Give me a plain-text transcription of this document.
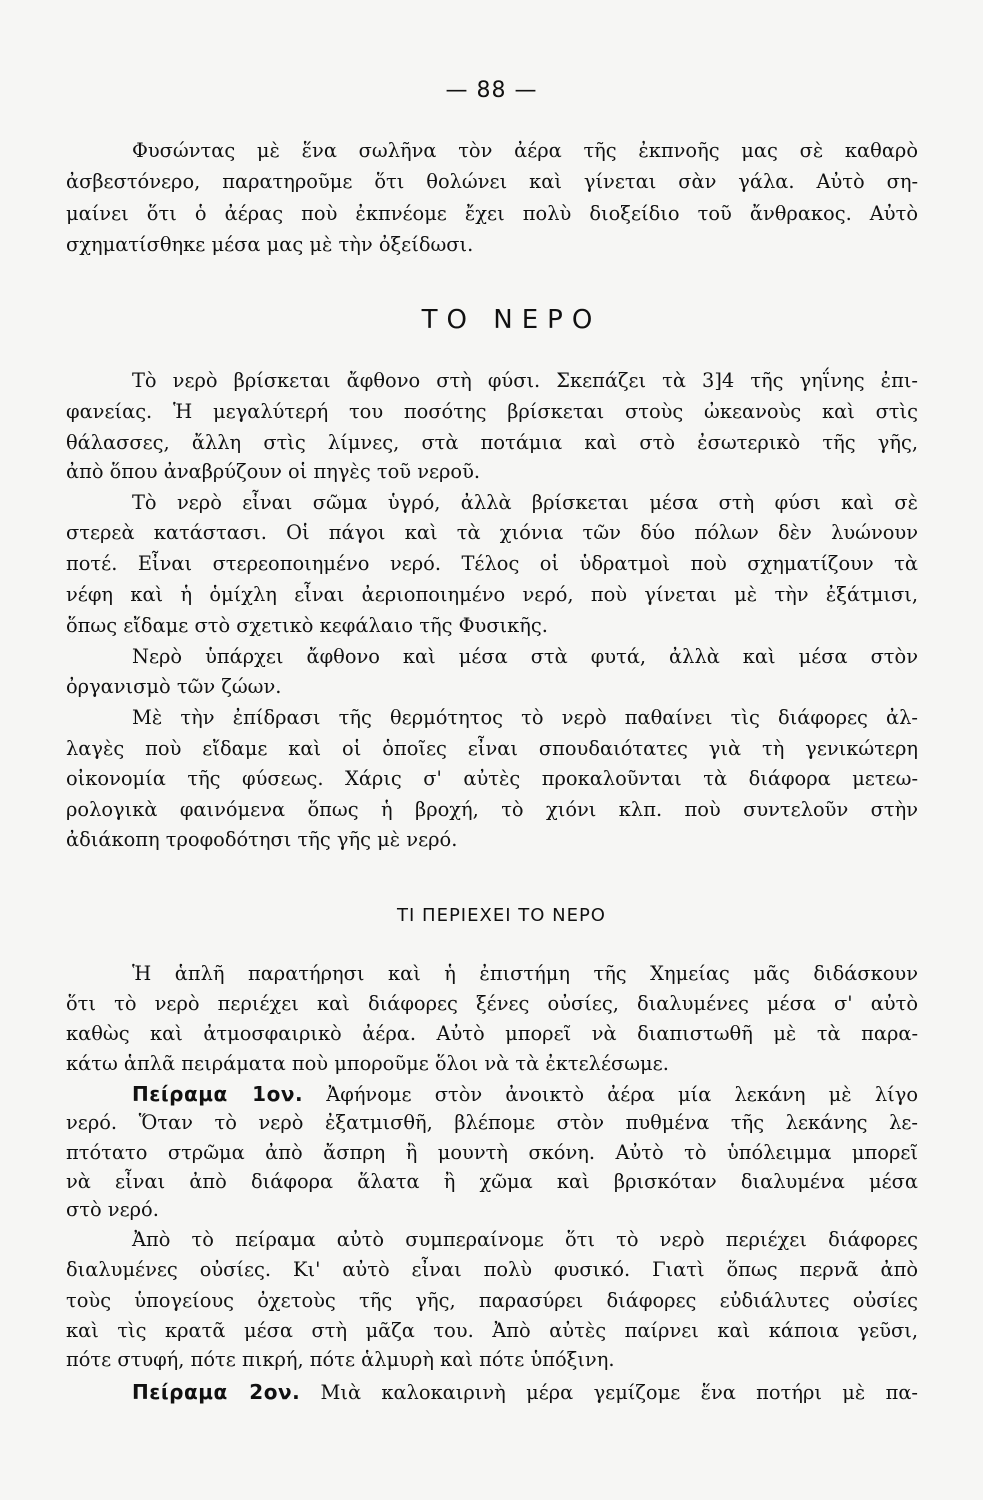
— 88 —
Φυσώντας μὲ ἕνα σωλῆνα τὸν ἀέρα τῆς ἐκπνοῆς μας σὲ καθαρὸ
ἀσβεστόνερο, παρατηροῦμε ὅτι θολώνει καὶ γίνεται σὰν γάλα. Αὐτὸ ση-
μαίνει ὅτι ὁ ἀέρας ποὺ ἐκπνέομε ἔχει πολὺ διοξείδιο τοῦ ἄνθρακος. Αὐτὸ
σχηματίσθηκε μέσα μας μὲ τὴν ὀξείδωσι.
ΤΟ ΝΕΡΟ
Τὸ νερὸ βρίσκεται ἄφθονο στὴ φύσι. Σκεπάζει τὰ 3]4 τῆς γηΐνης ἐπι-
φανείας. Ἡ μεγαλύτερή του ποσότης βρίσκεται στοὺς ὠκεανοὺς καὶ στὶς
θάλασσες, ἄλλη στὶς λίμνες, στὰ ποτάμια καὶ στὸ ἐσωτερικὸ τῆς γῆς,
ἀπὸ ὅπου ἀναβρύζουν οἱ πηγὲς τοῦ νεροῦ.
Τὸ νερὸ εἶναι σῶμα ὑγρό, ἀλλὰ βρίσκεται μέσα στὴ φύσι καὶ σὲ
στερεὰ κατάστασι. Οἱ πάγοι καὶ τὰ χιόνια τῶν δύο πόλων δὲν λυώνουν
ποτέ. Εἶναι στερεοποιημένο νερό. Τέλος οἱ ὑδρατμοὶ ποὺ σχηματίζουν τὰ
νέφη καὶ ἡ ὁμίχλη εἶναι ἀεριοποιημένο νερό, ποὺ γίνεται μὲ τὴν ἐξάτμισι,
ὅπως εἴδαμε στὸ σχετικὸ κεφάλαιο τῆς Φυσικῆς.
Νερὸ ὑπάρχει ἄφθονο καὶ μέσα στὰ φυτά, ἀλλὰ καὶ μέσα στὸν
ὀργανισμὸ τῶν ζώων.
Μὲ τὴν ἐπίδρασι τῆς θερμότητος τὸ νερὸ παθαίνει τὶς διάφορες ἀλ-
λαγὲς ποὺ εἴδαμε καὶ οἱ ὁποῖες εἶναι σπουδαιότατες γιὰ τὴ γενικώτερη
οἰκονομία τῆς φύσεως. Χάρις σ' αὐτὲς προκαλοῦνται τὰ διάφορα μετεω-
ρολογικὰ φαινόμενα ὅπως ἡ βροχή, τὸ χιόνι κλπ. ποὺ συντελοῦν στὴν
ἀδιάκοπη τροφοδότησι τῆς γῆς μὲ νερό.
ΤΙ ΠΕΡΙΕΧΕΙ ΤΟ ΝΕΡΟ
Ἡ ἁπλῆ παρατήρησι καὶ ἡ ἐπιστήμη τῆς Χημείας μᾶς διδάσκουν
ὅτι τὸ νερὸ περιέχει καὶ διάφορες ξένες οὐσίες, διαλυμένες μέσα σ' αὐτὸ
καθὼς καὶ ἀτμοσφαιρικὸ ἀέρα. Αὐτὸ μπορεῖ νὰ διαπιστωθῆ μὲ τὰ παρα-
κάτω ἁπλᾶ πειράματα ποὺ μποροῦμε ὅλοι νὰ τὰ ἐκτελέσωμε.
Πείραμα 1ον. Ἀφήνομε στὸν ἀνοικτὸ ἀέρα μία λεκάνη μὲ λίγο
νερό. Ὅταν τὸ νερὸ ἐξατμισθῆ, βλέπομε στὸν πυθμένα τῆς λεκάνης λε-
πτότατο στρῶμα ἀπὸ ἄσπρη ἢ μουντὴ σκόνη. Αὐτὸ τὸ ὑπόλειμμα μπορεῖ
νὰ εἶναι ἀπὸ διάφορα ἅλατα ἢ χῶμα καὶ βρισκόταν διαλυμένα μέσα
στὸ νερό.
Ἀπὸ τὸ πείραμα αὐτὸ συμπεραίνομε ὅτι τὸ νερὸ περιέχει διάφορες
διαλυμένες οὐσίες. Κι' αὐτὸ εἶναι πολὺ φυσικό. Γιατὶ ὅπως περνᾶ ἀπὸ
τοὺς ὑπογείους ὀχετοὺς τῆς γῆς, παρασύρει διάφορες εὐδιάλυτες οὐσίες
καὶ τὶς κρατᾶ μέσα στὴ μᾶζα του. Ἀπὸ αὐτὲς παίρνει καὶ κάποια γεῦσι,
πότε στυφή, πότε πικρή, πότε ἁλμυρὴ καὶ πότε ὑπόξινη.
Πείραμα 2ον. Μιὰ καλοκαιρινὴ μέρα γεμίζομε ἕνα ποτήρι μὲ πα-
